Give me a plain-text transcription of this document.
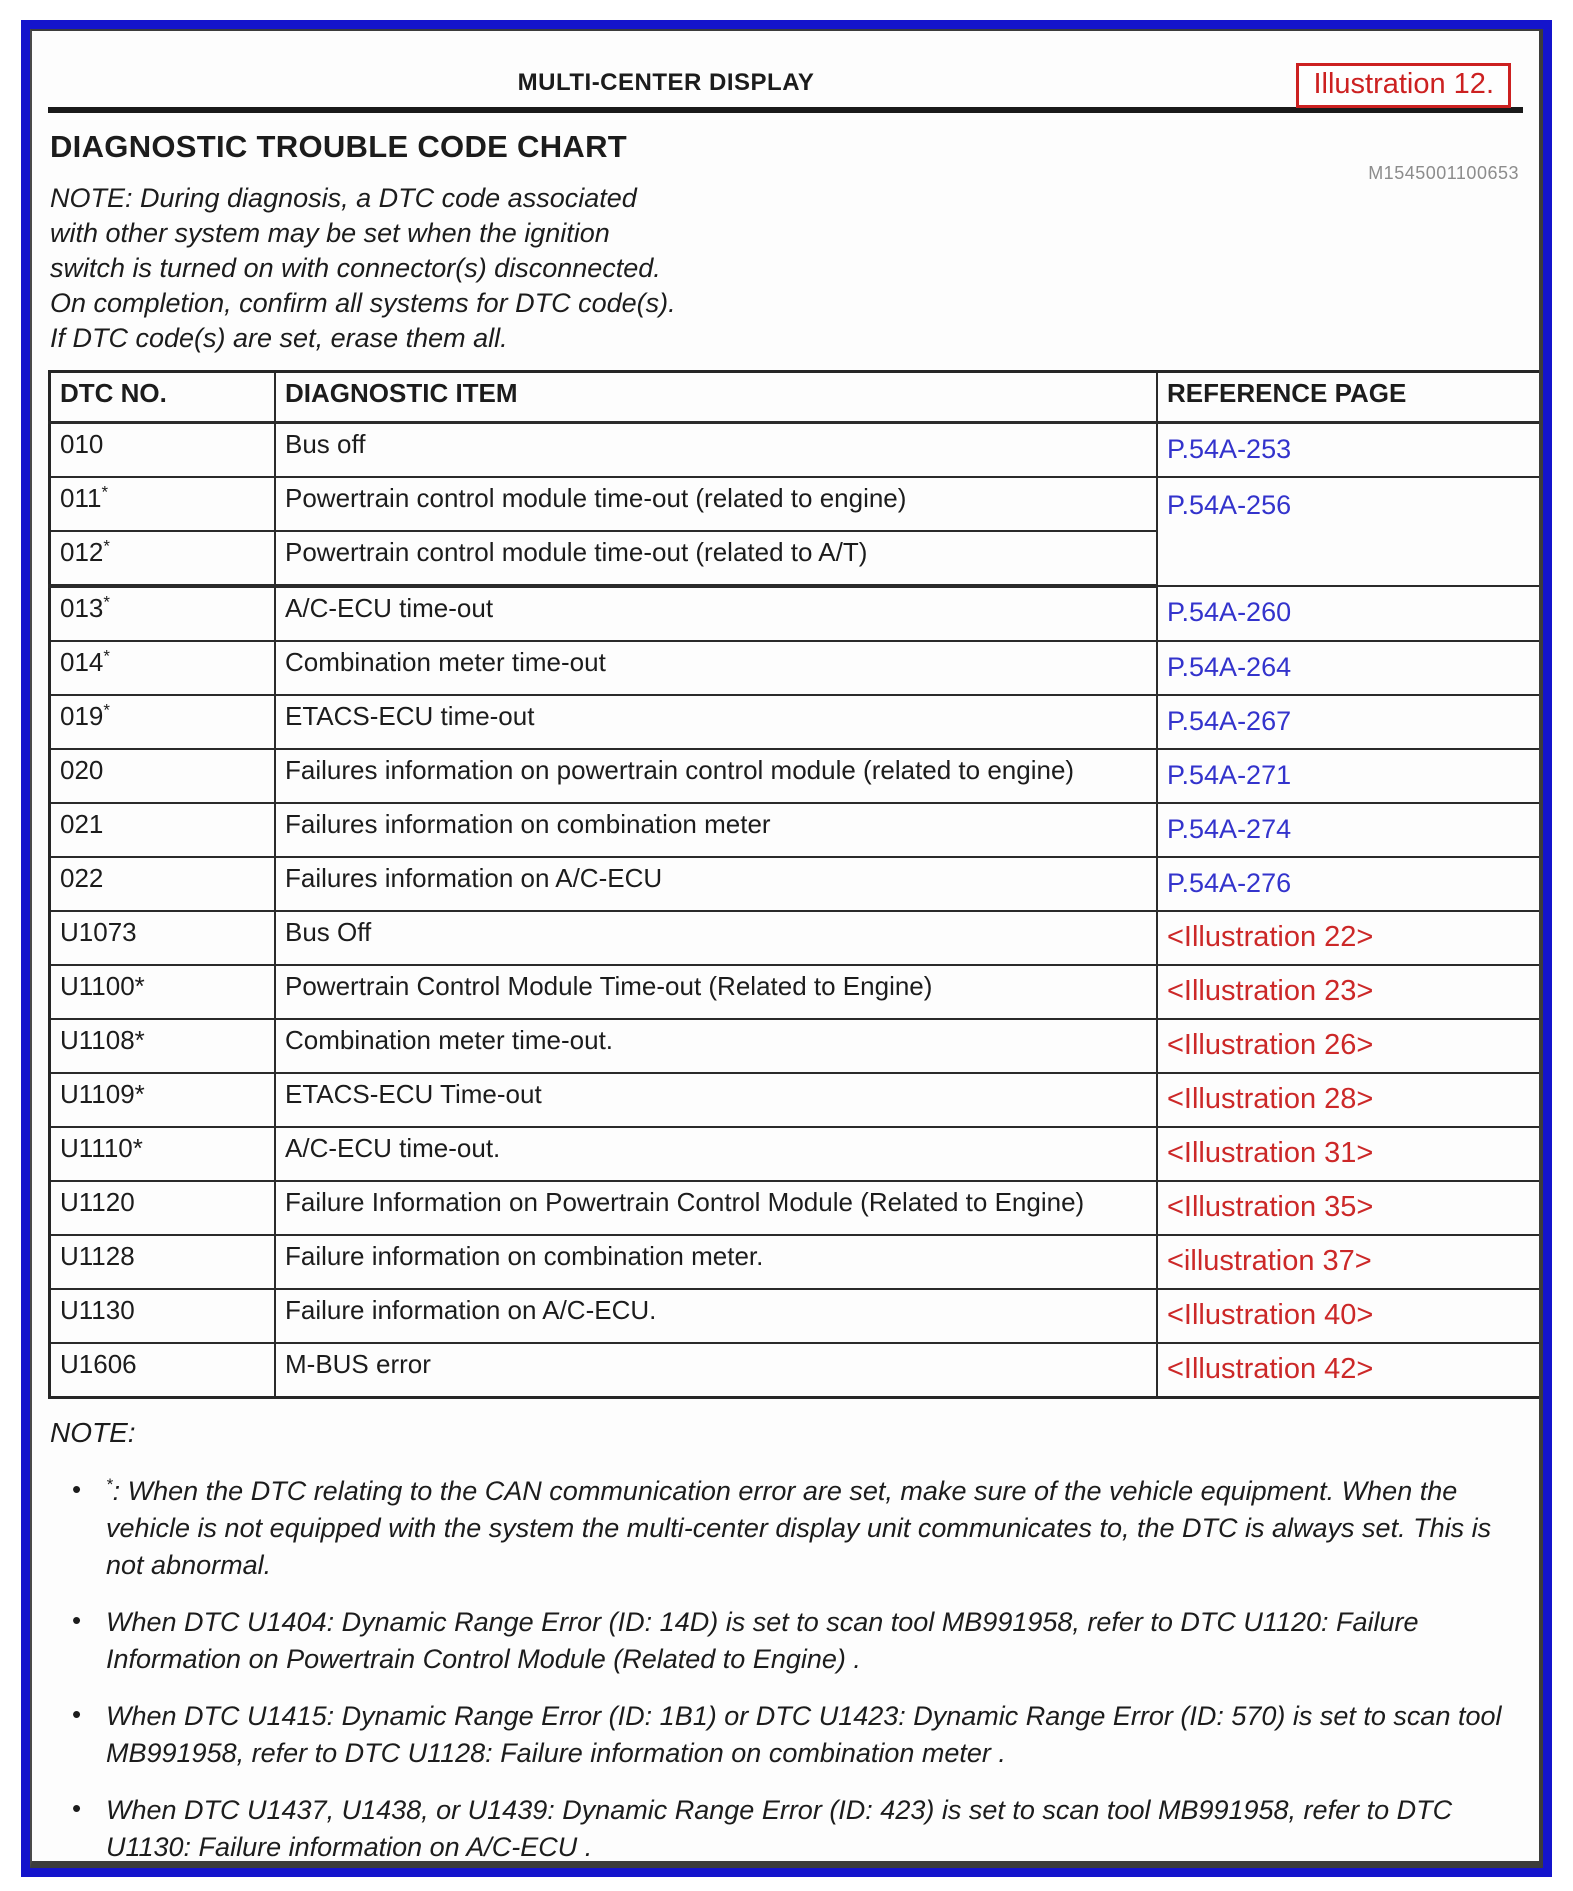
MULTI-CENTER DISPLAY	Illustration 12.
DIAGNOSTIC TROUBLE CODE CHART
M1545001100653
NOTE: During diagnosis, a DTC code associated
with other system may be set when the ignition
switch is turned on with connector(s) disconnected.
On completion, confirm all systems for DTC code(s).
If DTC code(s) are set, erase them all.
DTC NO.	DIAGNOSTIC ITEM	REFERENCE PAGE
010	Bus off	P.54A-253
011*	Powertrain control module time-out (related to engine)	P.54A-256
012*	Powertrain control module time-out (related to A/T)	
013*	A/C-ECU time-out	P.54A-260
014*	Combination meter time-out	P.54A-264
019*	ETACS-ECU time-out	P.54A-267
020	Failures information on powertrain control module (related to engine)	P.54A-271
021	Failures information on combination meter	P.54A-274
022	Failures information on A/C-ECU	P.54A-276
U1073	Bus Off	<Illustration 22>
U1100*	Powertrain Control Module Time-out (Related to Engine)	<Illustration 23>
U1108*	Combination meter time-out.	<Illustration 26>
U1109*	ETACS-ECU Time-out	<Illustration 28>
U1110*	A/C-ECU time-out.	<Illustration 31>
U1120	Failure Information on Powertrain Control Module (Related to Engine)	<Illustration 35>
U1128	Failure information on combination meter.	<illustration 37>
U1130	Failure information on A/C-ECU.	<Illustration 40>
U1606	M-BUS error	<Illustration 42>
NOTE:
• *: When the DTC relating to the CAN communication error are set, make sure of the vehicle equipment. When the vehicle is not equipped with the system the multi-center display unit communicates to, the DTC is always set. This is not abnormal.
• When DTC U1404: Dynamic Range Error (ID: 14D) is set to scan tool MB991958, refer to DTC U1120: Failure Information on Powertrain Control Module (Related to Engine) .
• When DTC U1415: Dynamic Range Error (ID: 1B1) or DTC U1423: Dynamic Range Error (ID: 570) is set to scan tool MB991958, refer to DTC U1128: Failure information on combination meter .
• When DTC U1437, U1438, or U1439: Dynamic Range Error (ID: 423) is set to scan tool MB991958, refer to DTC U1130: Failure information on A/C-ECU .
